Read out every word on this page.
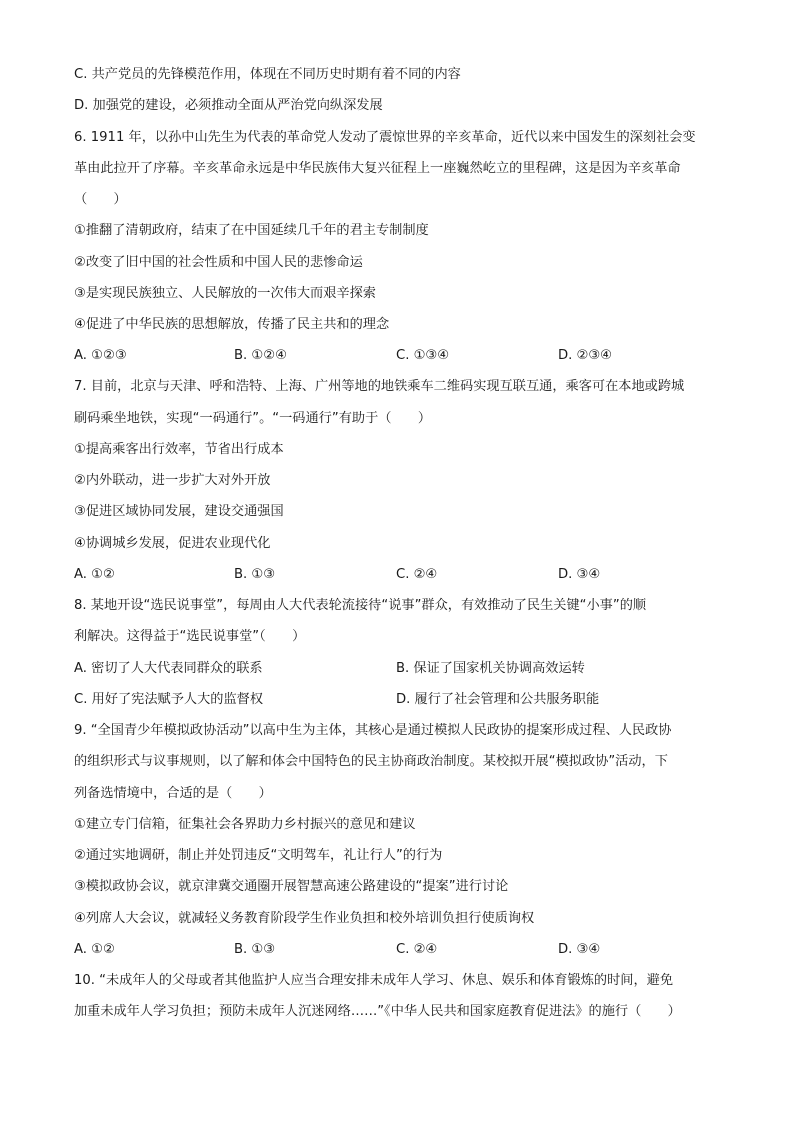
C. 共产党员的先锋模范作用，体现在不同历史时期有着不同的内容
D. 加强党的建设，必须推动全面从严治党向纵深发展
6. 1911 年，以孙中山先生为代表的革命党人发动了震惊世界的辛亥革命，近代以来中国发生的深刻社会变
革由此拉开了序幕。辛亥革命永远是中华民族伟大复兴征程上一座巍然屹立的里程碑，这是因为辛亥革命
（　　）
①推翻了清朝政府，结束了在中国延续几千年的君主专制制度
②改变了旧中国的社会性质和中国人民的悲惨命运
③是实现民族独立、人民解放的一次伟大而艰辛探索
④促进了中华民族的思想解放，传播了民主共和的理念
A. ①②③	B. ①②④	C. ①③④	D. ②③④
7. 目前，北京与天津、呼和浩特、上海、广州等地的地铁乘车二维码实现互联互通，乘客可在本地或跨城
刷码乘坐地铁，实现“一码通行”。“一码通行”有助于（　　）
①提高乘客出行效率，节省出行成本
②内外联动，进一步扩大对外开放
③促进区域协同发展，建设交通强国
④协调城乡发展，促进农业现代化
A. ①②	B. ①③	C. ②④	D. ③④
8. 某地开设“选民说事堂”，每周由人大代表轮流接待“说事”群众，有效推动了民生关键“小事”的顺
利解决。这得益于“选民说事堂”（　　）
A. 密切了人大代表同群众的联系	B. 保证了国家机关协调高效运转
C. 用好了宪法赋予人大的监督权	D. 履行了社会管理和公共服务职能
9. “全国青少年模拟政协活动”以高中生为主体，其核心是通过模拟人民政协的提案形成过程、人民政协
的组织形式与议事规则，以了解和体会中国特色的民主协商政治制度。某校拟开展“模拟政协”活动，下
列备选情境中，合适的是（　　）
①建立专门信箱，征集社会各界助力乡村振兴的意见和建议
②通过实地调研，制止并处罚违反“文明驾车，礼让行人”的行为
③模拟政协会议，就京津冀交通圈开展智慧高速公路建设的“提案”进行讨论
④列席人大会议，就减轻义务教育阶段学生作业负担和校外培训负担行使质询权
A. ①②	B. ①③	C. ②④	D. ③④
10. “未成年人的父母或者其他监护人应当合理安排未成年人学习、休息、娱乐和体育锻炼的时间，避免
加重未成年人学习负担；预防未成年人沉迷网络……”《中华人民共和国家庭教育促进法》的施行（　　）
